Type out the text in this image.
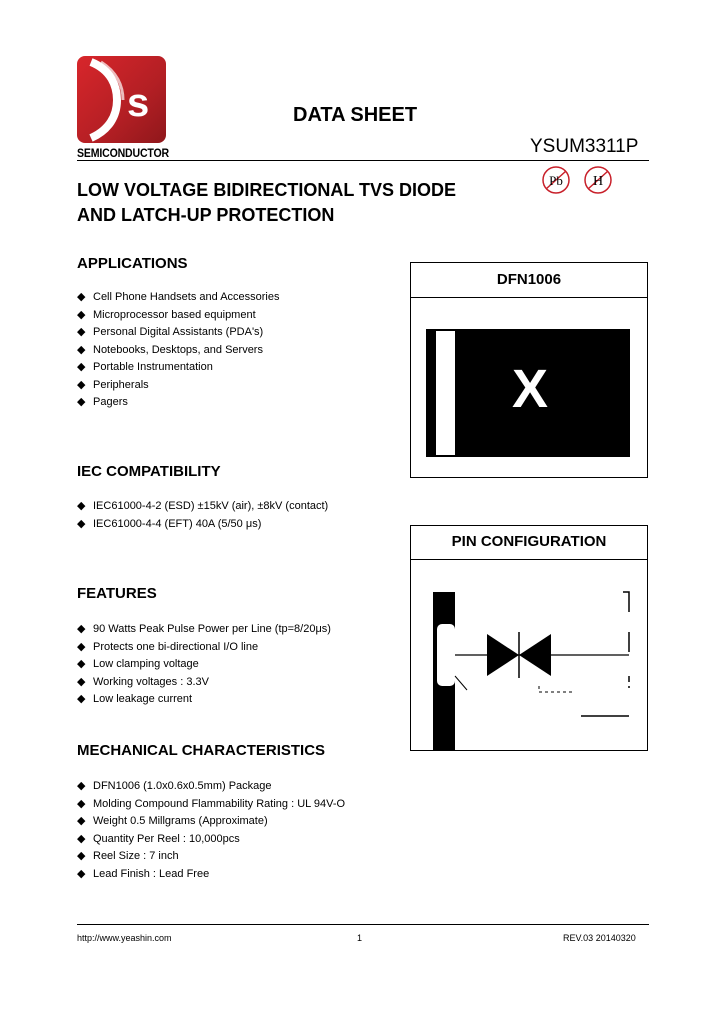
s
SEMICONDUCTOR
DATA SHEET
YSUM3311P
LOW VOLTAGE BIDIRECTIONAL TVS DIODE
AND LATCH-UP PROTECTION
Pb H
APPLICATIONS
◆ Cell Phone Handsets and Accessories
◆ Microprocessor based equipment
◆ Personal Digital Assistants (PDA's)
◆ Notebooks, Desktops, and Servers
◆ Portable Instrumentation
◆ Peripherals
◆ Pagers
IEC COMPATIBILITY
◆ IEC61000-4-2 (ESD) ±15kV (air), ±8kV (contact)
◆ IEC61000-4-4 (EFT) 40A (5/50 μs)
FEATURES
◆ 90 Watts Peak Pulse Power per Line (tp=8/20μs)
◆ Protects one bi-directional I/O line
◆ Low clamping voltage
◆ Working voltages : 3.3V
◆ Low leakage current
MECHANICAL CHARACTERISTICS
◆ DFN1006 (1.0x0.6x0.5mm) Package
◆ Molding Compound Flammability Rating : UL 94V-O
◆ Weight 0.5 Millgrams (Approximate)
◆ Quantity Per Reel : 10,000pcs
◆ Reel Size : 7 inch
◆ Lead Finish : Lead Free
DFN1006
X
PIN CONFIGURATION
http://www.yeashin.com	1	REV.03 20140320
